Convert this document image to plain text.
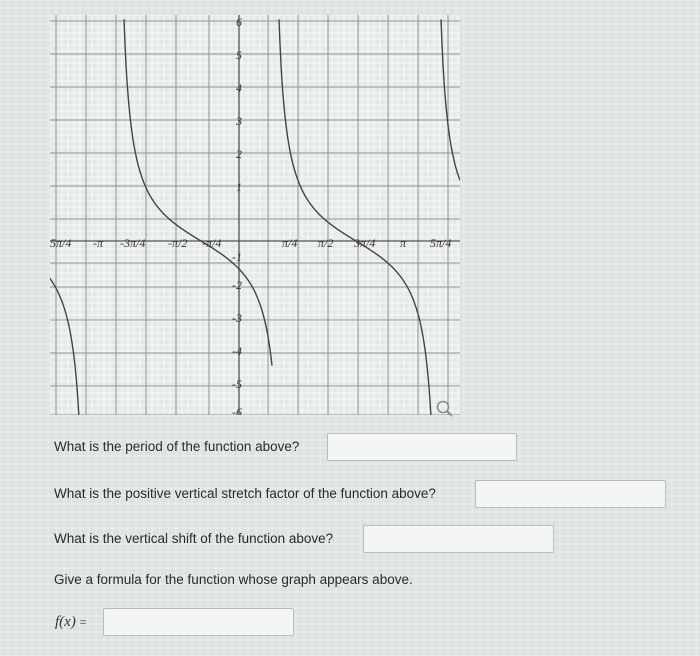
5π/4 -π -3π/4 -π/2 -π/4	π/4 π/2 3π/4 π 5π/4
6
5
4
3
2
1
-1
-2
-3
-4
-5
-6
What is the period of the function above?
What is the positive vertical stretch factor of the function above?
What is the vertical shift of the function above?
Give a formula for the function whose graph appears above.
f(x) =
